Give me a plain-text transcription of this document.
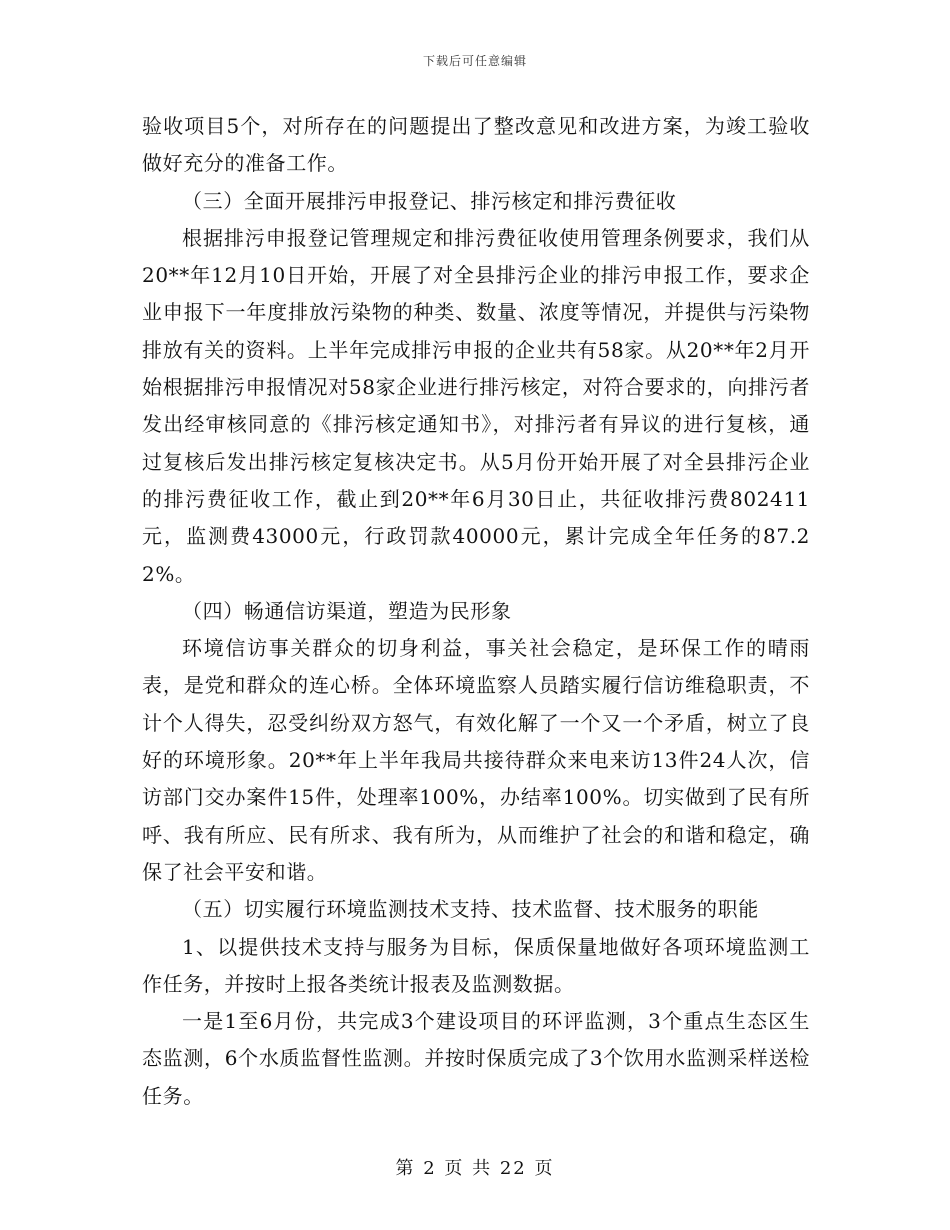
下载后可任意编辑

验收项目5个，对所存在的问题提出了整改意见和改进方案，为竣工验收做好充分的准备工作。

（三）全面开展排污申报登记、排污核定和排污费征收

根据排污申报登记管理规定和排污费征收使用管理条例要求，我们从20**年12月10日开始，开展了对全县排污企业的排污申报工作，要求企业申报下一年度排放污染物的种类、数量、浓度等情况，并提供与污染物排放有关的资料。上半年完成排污申报的企业共有58家。从20**年2月开始根据排污申报情况对58家企业进行排污核定，对符合要求的，向排污者发出经审核同意的《排污核定通知书》，对排污者有异议的进行复核，通过复核后发出排污核定复核决定书。从5月份开始开展了对全县排污企业的排污费征收工作，截止到20**年6月30日止，共征收排污费802411元，监测费43000元，行政罚款40000元，累计完成全年任务的87.22%。

（四）畅通信访渠道，塑造为民形象

环境信访事关群众的切身利益，事关社会稳定，是环保工作的晴雨表，是党和群众的连心桥。全体环境监察人员踏实履行信访维稳职责，不计个人得失，忍受纠纷双方怒气，有效化解了一个又一个矛盾，树立了良好的环境形象。20**年上半年我局共接待群众来电来访13件24人次，信访部门交办案件15件，处理率100%，办结率100%。切实做到了民有所呼、我有所应、民有所求、我有所为，从而维护了社会的和谐和稳定，确保了社会平安和谐。

（五）切实履行环境监测技术支持、技术监督、技术服务的职能

1、以提供技术支持与服务为目标，保质保量地做好各项环境监测工作任务，并按时上报各类统计报表及监测数据。

一是1至6月份，共完成3个建设项目的环评监测，3个重点生态区生态监测，6个水质监督性监测。并按时保质完成了3个饮用水监测采样送检任务。

第 2 页 共 22 页
